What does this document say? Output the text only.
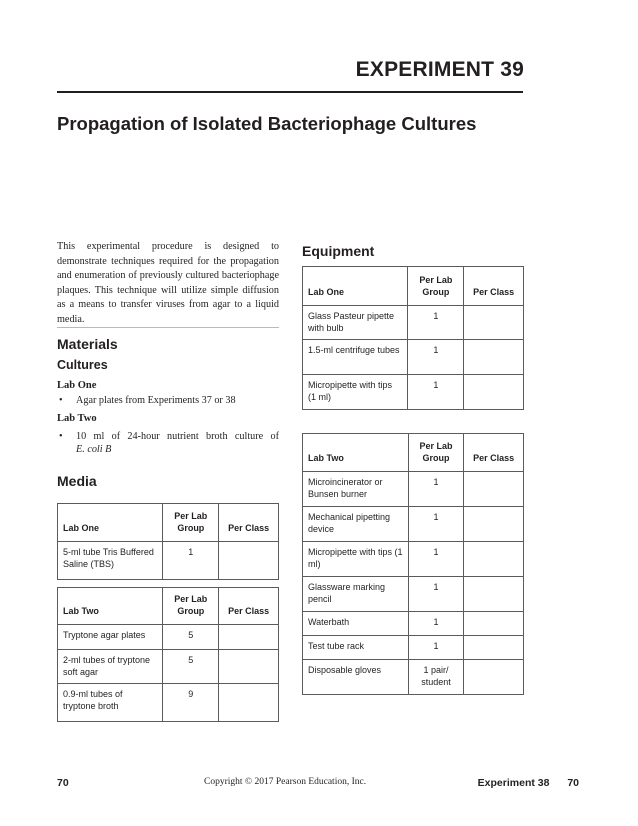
EXPERIMENT 39
Propagation of Isolated Bacteriophage Cultures
This experimental procedure is designed to demonstrate techniques required for the propagation and enumeration of previously cultured bacteriophage plaques. This technique will utilize simple diffusion as a means to transfer viruses from agar to a liquid media.
Materials
Cultures
Lab One
• Agar plates from Experiments 37 or 38
Lab Two
• 10 ml of 24-hour nutrient broth culture of
E. coli B
Media
Lab One	Per Lab Group	Per Class
5-ml tube Tris Buffered Saline (TBS)	1	
Lab Two	Per Lab Group	Per Class
Tryptone agar plates	5	
2-ml tubes of tryptone soft agar	5	
0.9-ml tubes of tryptone broth	9	
Equipment
Lab One	Per Lab Group	Per Class
Glass Pasteur pipette with bulb	1	
1.5-ml centrifuge tubes	1	
Micropipette with tips (1 ml)	1	
Lab Two	Per Lab Group	Per Class
Microincinerator or Bunsen burner	1	
Mechanical pipetting device	1	
Micropipette with tips (1 ml)	1	
Glassware marking pencil	1	
Waterbath	1	
Test tube rack	1	
Disposable gloves	1 pair/ student	
70	Copyright © 2017 Pearson Education, Inc.	Experiment 38 70
